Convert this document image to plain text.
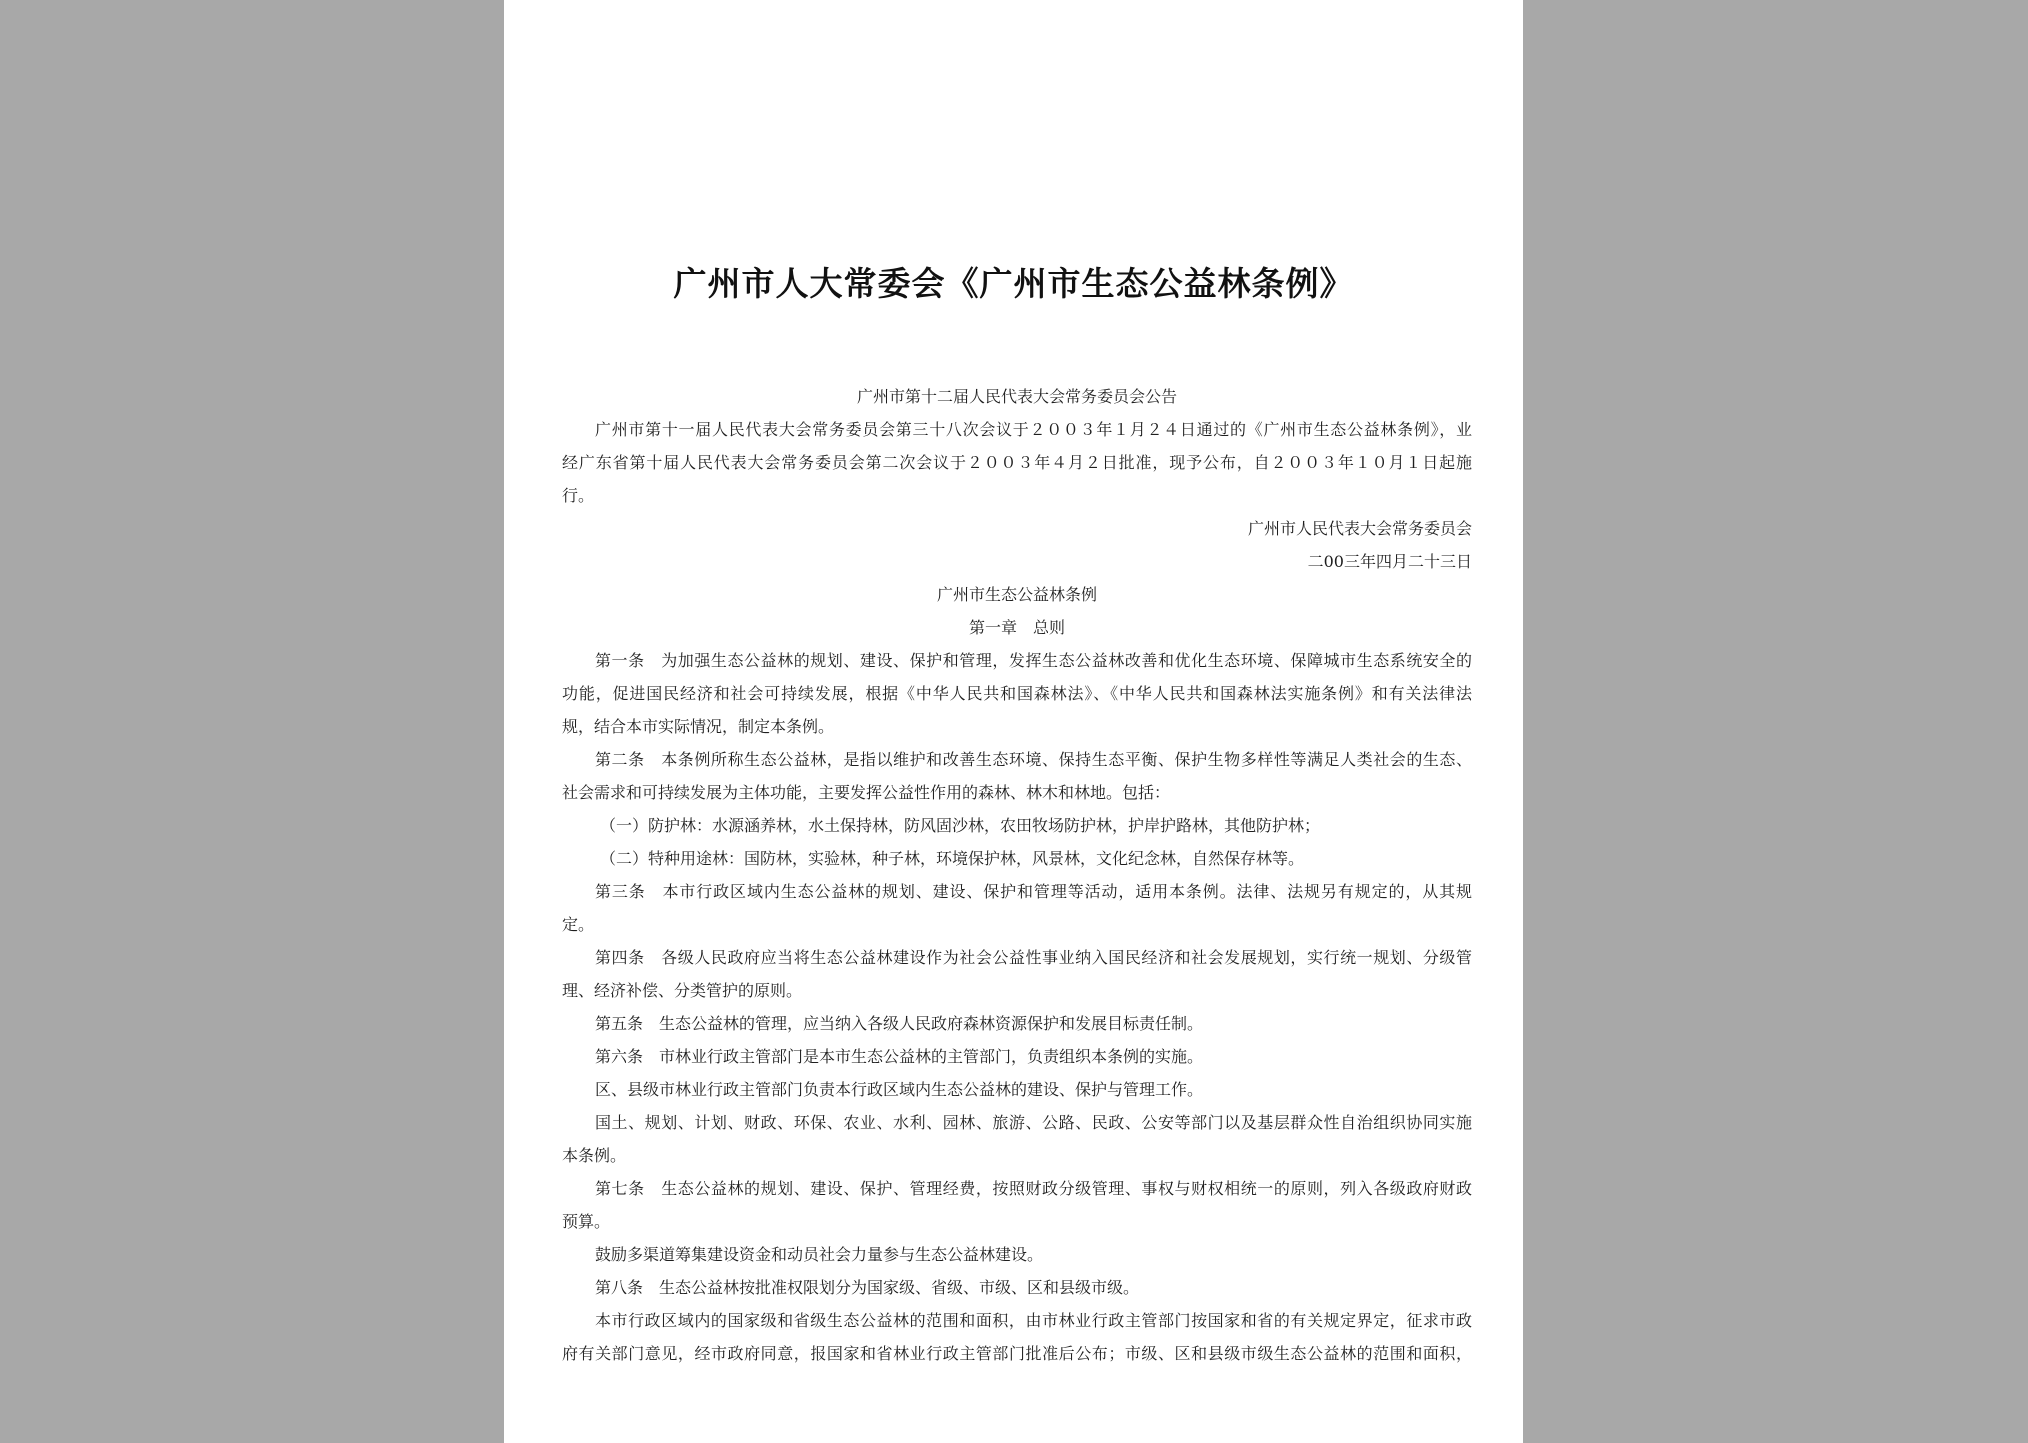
广州市人大常委会《广州市生态公益林条例》
广州市第十二届人民代表大会常务委员会公告
广州市第十一届人民代表大会常务委员会第三十八次会议于２００３年１月２４日通过的《广州市生态公益林条例》，业
经广东省第十届人民代表大会常务委员会第二次会议于２００３年４月２日批准，现予公布，自２００３年１０月１日起施
行。
广州市人民代表大会常务委员会
二00三年四月二十三日
广州市生态公益林条例
第一章　总则
第一条　为加强生态公益林的规划、建设、保护和管理，发挥生态公益林改善和优化生态环境、保障城市生态系统安全的
功能，促进国民经济和社会可持续发展，根据《中华人民共和国森林法》、《中华人民共和国森林法实施条例》和有关法律法
规，结合本市实际情况，制定本条例。
第二条　本条例所称生态公益林，是指以维护和改善生态环境、保持生态平衡、保护生物多样性等满足人类社会的生态、
社会需求和可持续发展为主体功能，主要发挥公益性作用的森林、林木和林地。包括：
（一）防护林：水源涵养林，水土保持林，防风固沙林，农田牧场防护林，护岸护路林，其他防护林；
（二）特种用途林：国防林，实验林，种子林，环境保护林，风景林，文化纪念林，自然保存林等。
第三条　本市行政区域内生态公益林的规划、建设、保护和管理等活动，适用本条例。法律、法规另有规定的，从其规
定。
第四条　各级人民政府应当将生态公益林建设作为社会公益性事业纳入国民经济和社会发展规划，实行统一规划、分级管
理、经济补偿、分类管护的原则。
第五条　生态公益林的管理，应当纳入各级人民政府森林资源保护和发展目标责任制。
第六条　市林业行政主管部门是本市生态公益林的主管部门，负责组织本条例的实施。
区、县级市林业行政主管部门负责本行政区域内生态公益林的建设、保护与管理工作。
国土、规划、计划、财政、环保、农业、水利、园林、旅游、公路、民政、公安等部门以及基层群众性自治组织协同实施
本条例。
第七条　生态公益林的规划、建设、保护、管理经费，按照财政分级管理、事权与财权相统一的原则，列入各级政府财政
预算。
鼓励多渠道筹集建设资金和动员社会力量参与生态公益林建设。
第八条　生态公益林按批准权限划分为国家级、省级、市级、区和县级市级。
本市行政区域内的国家级和省级生态公益林的范围和面积，由市林业行政主管部门按国家和省的有关规定界定，征求市政
府有关部门意见，经市政府同意，报国家和省林业行政主管部门批准后公布；市级、区和县级市级生态公益林的范围和面积，
